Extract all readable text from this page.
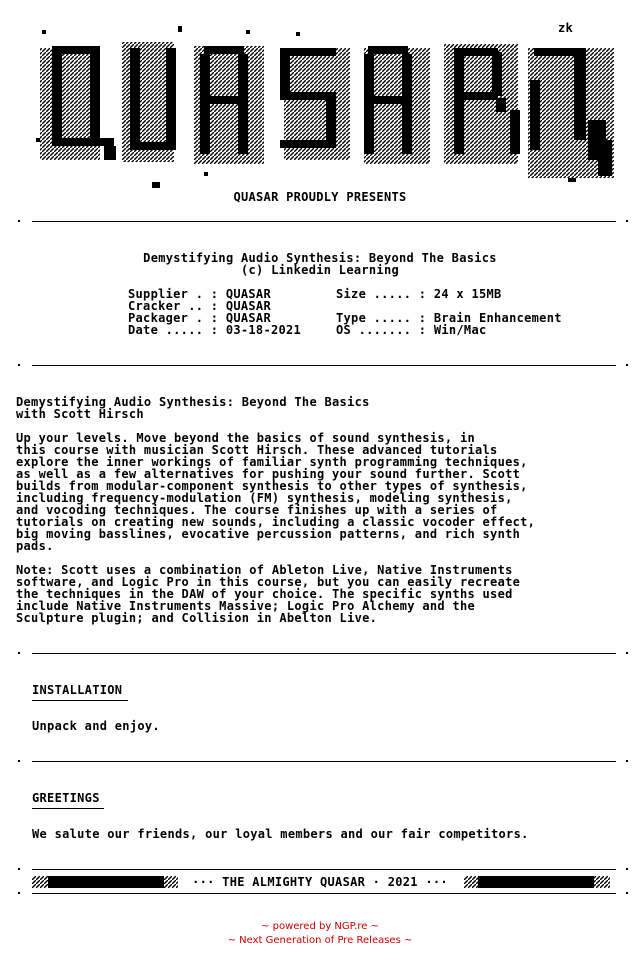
zk
QUASAR PROUDLY PRESENTS
Demystifying Audio Synthesis: Beyond The Basics
(c) Linkedin Learning
Supplier . : QUASAR
Cracker .. : QUASAR
Packager . : QUASAR
Date ..... : 03-18-2021
Size ..... : 24 x 15MB
Type ..... : Brain Enhancement
OS ....... : Win/Mac
Demystifying Audio Synthesis: Beyond The Basics
with Scott Hirsch
Up your levels. Move beyond the basics of sound synthesis, in
this course with musician Scott Hirsch. These advanced tutorials
explore the inner workings of familiar synth programming techniques,
as well as a few alternatives for pushing your sound further. Scott
builds from modular-component synthesis to other types of synthesis,
including frequency-modulation (FM) synthesis, modeling synthesis,
and vocoding techniques. The course finishes up with a series of
tutorials on creating new sounds, including a classic vocoder effect,
big moving basslines, evocative percussion patterns, and rich synth
pads.
Note: Scott uses a combination of Ableton Live, Native Instruments
software, and Logic Pro in this course, but you can easily recreate
the techniques in the DAW of your choice. The specific synths used
include Native Instruments Massive; Logic Pro Alchemy and the
Sculpture plugin; and Collision in Abelton Live.
INSTALLATION
Unpack and enjoy.
GREETINGS
We salute our friends, our loyal members and our fair competitors.
··· THE ALMIGHTY QUASAR · 2021 ···
~ powered by NGP.re ~
~ Next Generation of Pre Releases ~
